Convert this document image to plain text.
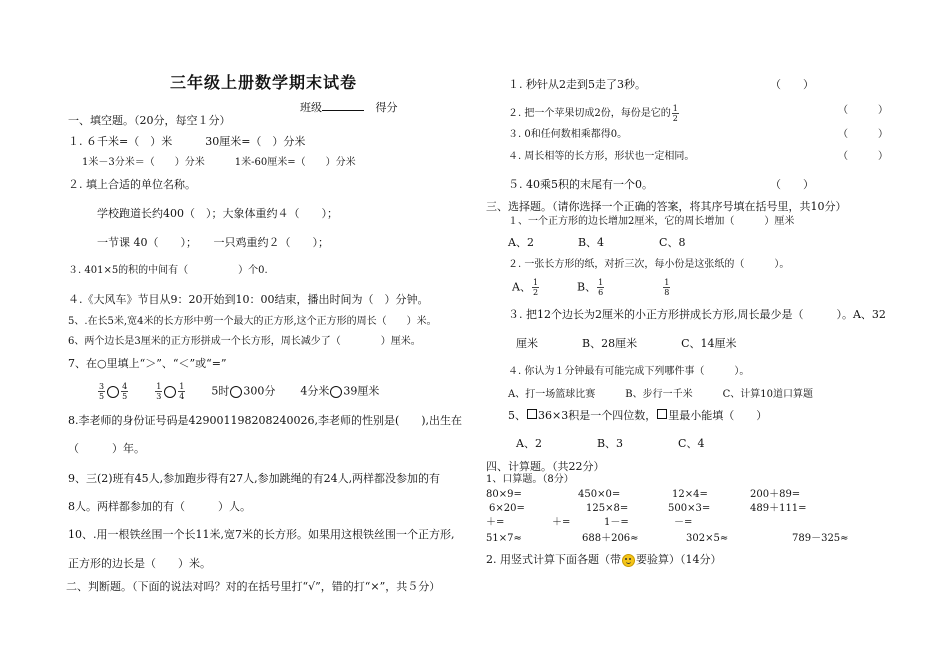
三年级上册数学期末试卷
班级	得分
一、填空题。（20分，每空１分）
１. ６千米=（　）米　　　30厘米=（　）分米
1米－3分米＝（　　）分米　　　1米-60厘米=（　　）分米
２. 填上合适的单位名称。
学校跑道长约400（　）；大象体重约４（　　）；
一节课 40（　　）；　　一只鸡重约２（　　）；
３. 401×5的积的中间有（　　　　　）个0.
４.《大风车》节目从9：20开始到10：00结束，播出时间为（　）分钟。
5、.在长5米,宽4米的长方形中剪一个最大的正方形,这个正方形的周长（　　）米。
6、两个边长是3厘米的正方形拼成一个长方形，周长减少了（　　　　）厘米。
7、在○里填上“＞”、“＜”或“=”
$\frac{3}{5} \frac{4}{5}$
	$\frac{1}{3} \frac{1}{4} 5$时 300分 4分米 39厘米
8.李老师的身份证号码是429001198208240026,李老师的性别是(　　),出生在
（　　　）年。
9、三(2)班有45人,参加跑步得有27人,参加跳绳的有24人,两样都没参加的有
8人。两样都参加的有（　　　）人。
10、.用一根铁丝围一个长11米,宽7米的长方形。如果用这根铁丝围一个正方形,
正方形的边长是（　　）米。
二、判断题。（下面的说法对吗？对的在括号里打“√”，错的打“×”，共５分）
１. 秒针从2走到5走了3秒。	（　　）
２. 把一个苹果切成2份，每份是它的 $\frac{1}{2}$	（　　　）
３. 0和任何数相乘都得0。	（　　　）
４. 周长相等的长方形，形状也一定相同。	（　　　）
５. 40乘5积的末尾有一个0。	（　　）
三、选择题。（请你选择一个正确的答案，将其序号填在括号里，共10分）
１、一个正方形的边长增加2厘米，它的周长增加（　　　）厘米
A、2　　　　B、4　　　　　C、8
２. 一张长方形的纸，对折三次，每小份是这张纸的（　　　）。
A、 $\frac{1}{2}$	B、 $\frac{1}{6}$
	$\frac{1}{8}$
３. 把12个边长为2厘米的小正方形拼成长方形,周长最少是（　　　）。A、32
厘米　　　　B、28厘米　　　　C、14厘米
４. 你认为１分钟最有可能完成下列哪件事（　　　）。
A、打一场篮球比赛　　　B、步行一千米　　　C、计算10道口算题
5、 36×3积是一个四位数， 里最小能填（　　）
A、2　　　　　B、3　　　　　C、4
四、计算题。（共22分）
1、口算题。（8分）
80×9=	450×0=	12×4=	200＋89=
6×20=	125×8=	500×3=	489＋111=
＋=	＋=	1－=	－=
51×7≈	688＋206≈	302×5≈	789－325≈
2. 用竖式计算下面各题（带 要验算）（14分）
